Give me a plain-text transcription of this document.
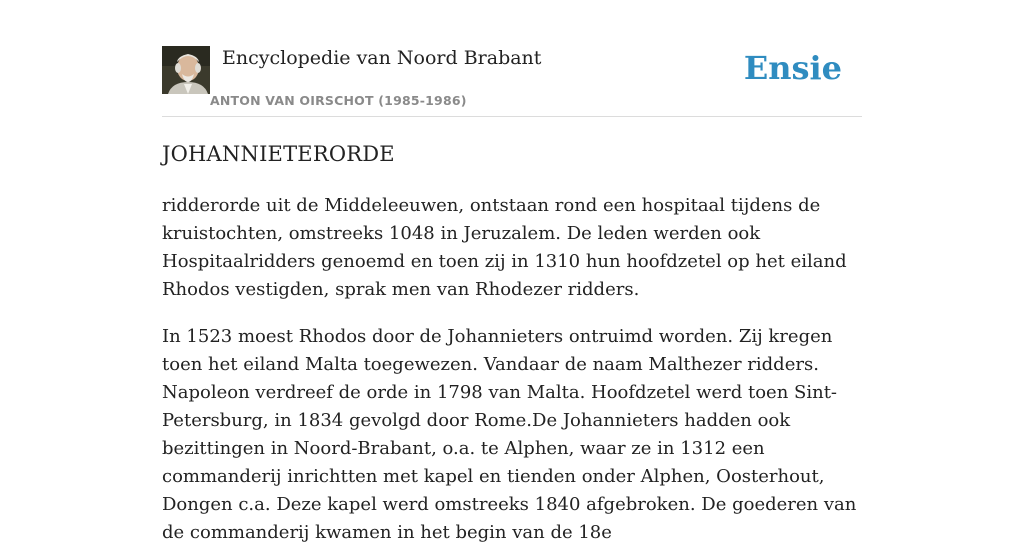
Encyclopedie van Noord Brabant
ANTON VAN OIRSCHOT (1985-1986)
Ensie
JOHANNIETERORDE

ridderorde uit de Middeleeuwen, ontstaan rond een hospitaal tijdens de kruistochten, omstreeks 1048 in Jeruzalem. De leden werden ook Hospitaalridders genoemd en toen zij in 1310 hun hoofdzetel op het eiland Rhodos vestigden, sprak men van Rhodezer ridders.

In 1523 moest Rhodos door de Johannieters ontruimd worden. Zij kregen toen het eiland Malta toegewezen. Vandaar de naam Malthezer ridders. Napoleon verdreef de orde in 1798 van Malta. Hoofdzetel werd toen Sint-Petersburg, in 1834 gevolgd door Rome.De Johannieters hadden ook bezittingen in Noord-Brabant, o.a. te Alphen, waar ze in 1312 een commanderij inrichtten met kapel en tienden onder Alphen, Oosterhout, Dongen c.a. Deze kapel werd omstreeks 1840 afgebroken. De goederen van de commanderij kwamen in het begin van de 18e
